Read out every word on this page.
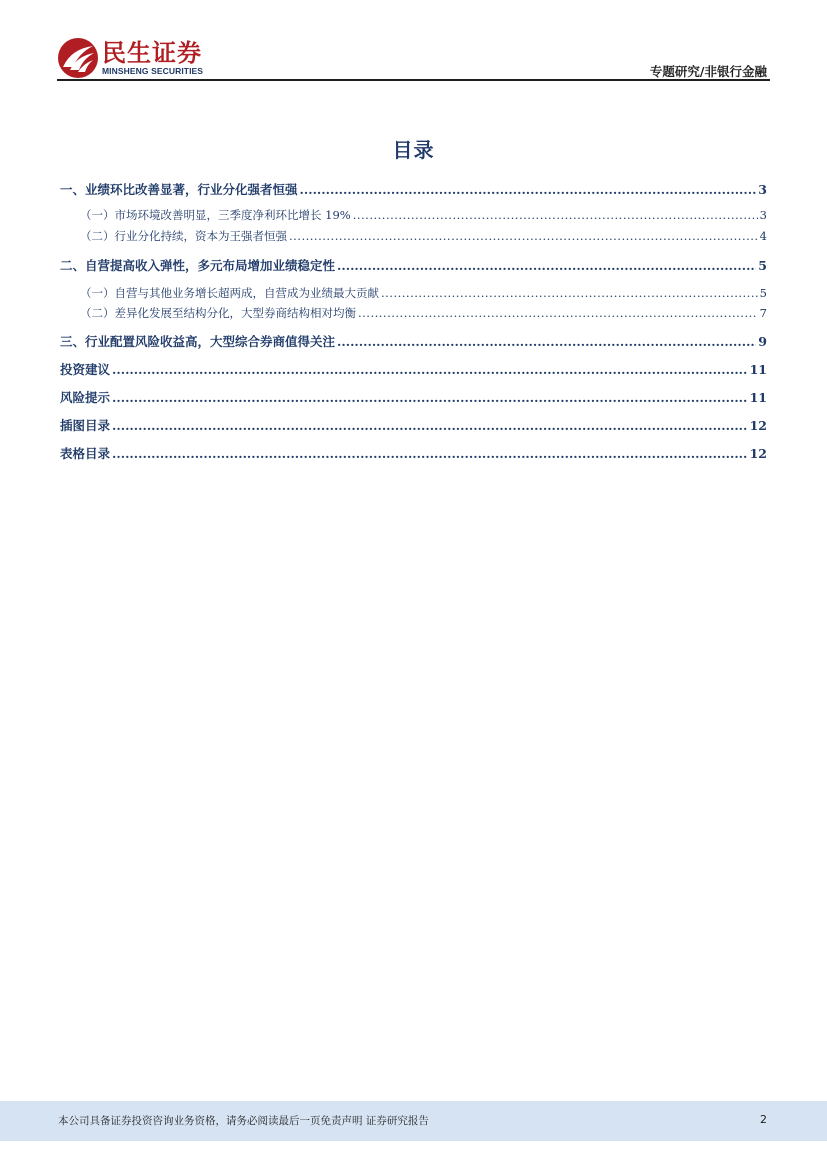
民生证券
MINSHENG SECURITIES	专题研究/非银行金融
目录
一、业绩环比改善显著，行业分化强者恒强 .....	3
（一）市场环境改善明显，三季度净利环比增长 19% .....	3
（二）行业分化持续，资本为王强者恒强 .....	4
二、自营提高收入弹性，多元布局增加业绩稳定性 .....	5
（一）自营与其他业务增长超两成，自营成为业绩最大贡献 .....	5
（二）差异化发展至结构分化，大型券商结构相对均衡 .....	7
三、行业配置风险收益高，大型综合券商值得关注 .....	9
投资建议 .....	11
风险提示 .....	11
插图目录 .....	12
表格目录 .....	12
本公司具备证券投资咨询业务资格，请务必阅读最后一页免责声明 证券研究报告	2
